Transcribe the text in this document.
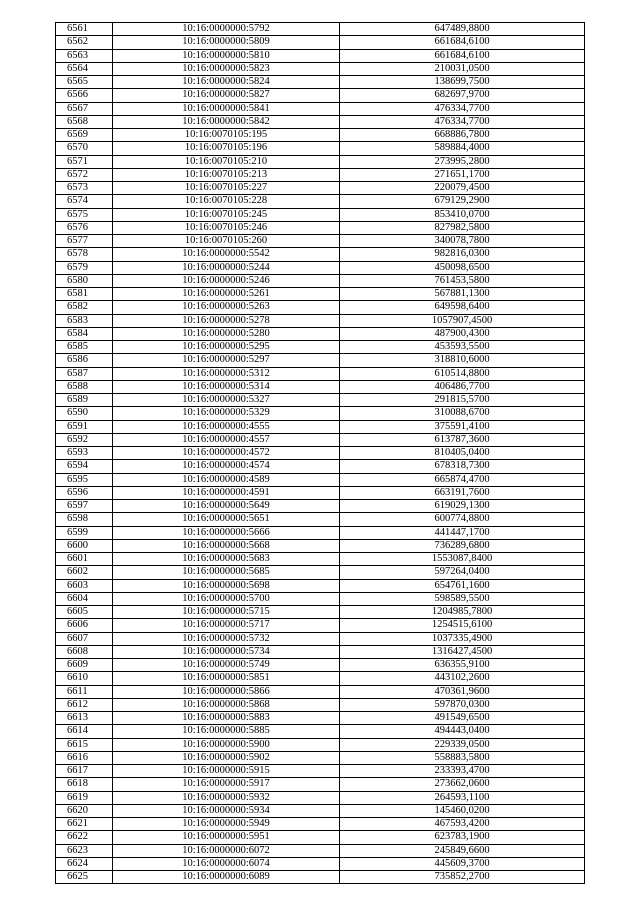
6561	10:16:0000000:5792	647489,8800
6562	10:16:0000000:5809	661684,6100
6563	10:16:0000000:5810	661684,6100
6564	10:16:0000000:5823	210031,0500
6565	10:16:0000000:5824	138699,7500
6566	10:16:0000000:5827	682697,9700
6567	10:16:0000000:5841	476334,7700
6568	10:16:0000000:5842	476334,7700
6569	10:16:0070105:195	668886,7800
6570	10:16:0070105:196	589884,4000
6571	10:16:0070105:210	273995,2800
6572	10:16:0070105:213	271651,1700
6573	10:16:0070105:227	220079,4500
6574	10:16:0070105:228	679129,2900
6575	10:16:0070105:245	853410,0700
6576	10:16:0070105:246	827982,5800
6577	10:16:0070105:260	340078,7800
6578	10:16:0000000:5542	982816,0300
6579	10:16:0000000:5244	450098,6500
6580	10:16:0000000:5246	761453,5800
6581	10:16:0000000:5261	567881,1300
6582	10:16:0000000:5263	649598,6400
6583	10:16:0000000:5278	1057907,4500
6584	10:16:0000000:5280	487900,4300
6585	10:16:0000000:5295	453593,5500
6586	10:16:0000000:5297	318810,6000
6587	10:16:0000000:5312	610514,8800
6588	10:16:0000000:5314	406486,7700
6589	10:16:0000000:5327	291815,5700
6590	10:16:0000000:5329	310088,6700
6591	10:16:0000000:4555	375591,4100
6592	10:16:0000000:4557	613787,3600
6593	10:16:0000000:4572	810405,0400
6594	10:16:0000000:4574	678318,7300
6595	10:16:0000000:4589	665874,4700
6596	10:16:0000000:4591	663191,7600
6597	10:16:0000000:5649	619029,1300
6598	10:16:0000000:5651	600774,8800
6599	10:16:0000000:5666	441447,1700
6600	10:16:0000000:5668	736289,6800
6601	10:16:0000000:5683	1553087,8400
6602	10:16:0000000:5685	597264,0400
6603	10:16:0000000:5698	654761,1600
6604	10:16:0000000:5700	598589,5500
6605	10:16:0000000:5715	1204985,7800
6606	10:16:0000000:5717	1254515,6100
6607	10:16:0000000:5732	1037335,4900
6608	10:16:0000000:5734	1316427,4500
6609	10:16:0000000:5749	636355,9100
6610	10:16:0000000:5851	443102,2600
6611	10:16:0000000:5866	470361,9600
6612	10:16:0000000:5868	597870,0300
6613	10:16:0000000:5883	491549,6500
6614	10:16:0000000:5885	494443,0400
6615	10:16:0000000:5900	229339,0500
6616	10:16:0000000:5902	558883,5800
6617	10:16:0000000:5915	233393,4700
6618	10:16:0000000:5917	273662,0600
6619	10:16:0000000:5932	264593,1100
6620	10:16:0000000:5934	145460,0200
6621	10:16:0000000:5949	467593,4200
6622	10:16:0000000:5951	623783,1900
6623	10:16:0000000:6072	245849,6600
6624	10:16:0000000:6074	445609,3700
6625	10:16:0000000:6089	735852,2700
